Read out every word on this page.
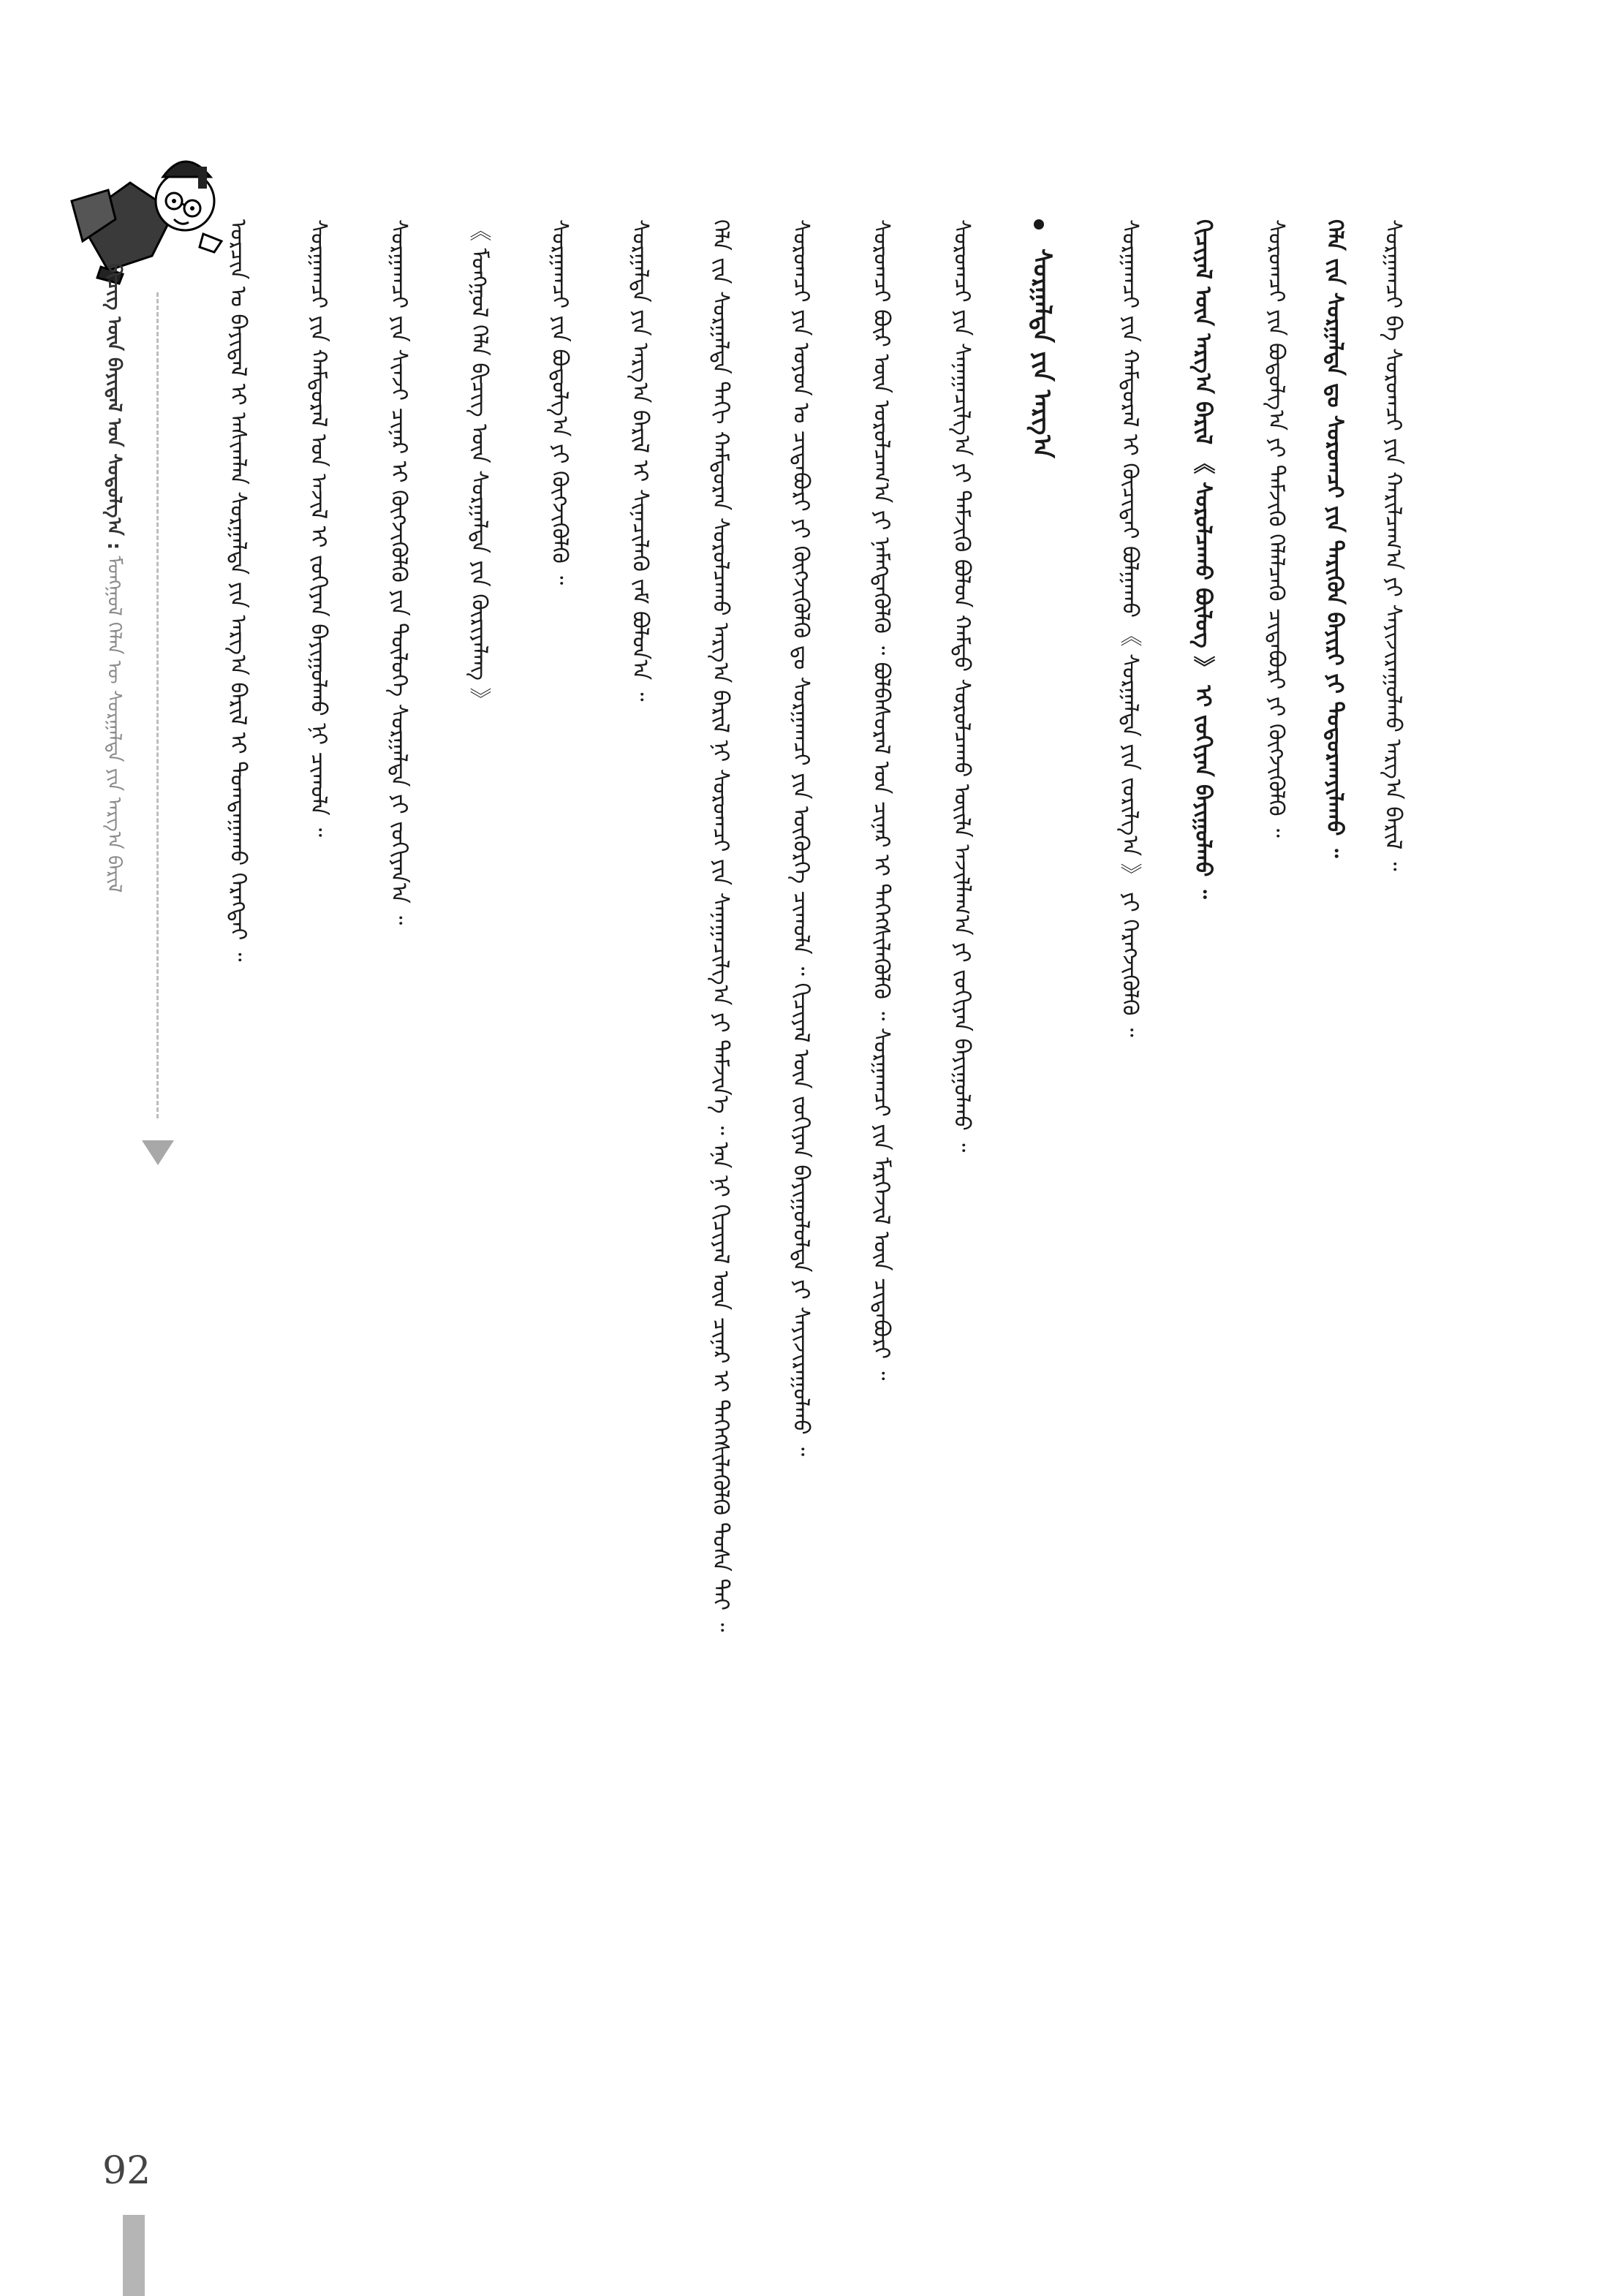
ᠪᠢᠴᠢᠭ ᠦᠨ ᠪᠠᠶᠢᠳᠠᠯ ᠤᠨ ᠰᠤᠳᠤᠯᠭ᠎ᠠ : ᠮᠣᠩᠭᠣᠯ ᠬᠡᠯᠡᠨ ᠦ ᠰᠤᠷᠭᠠᠯᠲᠠ ᠶᠢᠨ ᠠᠷᠭ᠎ᠠ ᠪᠠᠷᠢᠯ	ᠣᠷᠴᠢᠨ ᠤ ᠪᠠᠶᠢᠳᠠᠯ ᠢ ᠠᠰᠢᠭᠯᠠᠨ ᠰᠤᠷᠭᠠᠯᠲᠠ ᠶᠢᠨ ᠠᠷᠭ᠎ᠠ ᠪᠠᠷᠢᠯ ᠢ ᠲᠣᠭᠲᠠᠭᠠᠬᠤ ᠬᠡᠷᠡᠭᠲᠡᠢ ᠃	ᠰᠤᠷᠭᠠᠭᠴᠢ ᠶᠢᠨ ᠬᠠᠮᠲᠤᠷᠠᠯ ᠤᠨ ᠠᠵᠢᠯ ᠢ ᠵᠣᠬᠢᠶᠠᠨ ᠪᠠᠶᠢᠭᠤᠯᠬᠤ ᠨᠢ ᠴᠢᠬᠤᠯᠠ ᠃	ᠰᠤᠷᠭᠠᠭᠴᠢ ᠶᠢᠨ ᠰᠢᠨᠵᠢ ᠴᠢᠨᠠᠷ ᠢ ᠬᠥᠭᠵᠢᠭᠦᠯᠬᠦ ᠶᠢᠨ ᠲᠥᠯᠥᠭᠡ ᠰᠤᠷᠭᠠᠯᠲᠠ ᠶᠢ ᠵᠣᠬᠢᠶᠠᠨ᠎ᠠ ᠃	《 ᠮᠣᠩᠭᠣᠯ ᠬᠡᠯᠡ ᠪᠢᠴᠢᠭ ᠦᠨ ᠰᠤᠷᠭᠠᠯᠲᠠ ᠶᠢᠨ ᠬᠦᠷᠢᠶᠡᠯᠡᠩ 》	ᠰᠤᠷᠭᠠᠭᠴᠢ ᠶᠢᠨ ᠪᠤᠳᠤᠯᠭ᠎ᠠ ᠶᠢ ᠬᠥᠭᠵᠢᠭᠦᠯᠬᠦ ᠃	ᠰᠤᠷᠭᠠᠯᠲᠠ ᠶᠢᠨ ᠠᠷᠭ᠎ᠠ ᠪᠠᠷᠢᠯ ᠢ ᠰᠢᠨᠡᠴᠢᠯᠡᠬᠦ ᠵᠠᠮ ᠪᠣᠯᠤᠨ᠎ᠠ ᠃	ᠬᠡᠯᠡ ᠵᠢᠨ ᠰᠤᠷᠭᠠᠯᠲᠠ ᠳᠠᠬᠢ ᠬᠠᠮᠲᠤᠷᠠᠨ ᠰᠤᠷᠤᠯᠴᠠᠬᠤ ᠠᠷᠭ᠎ᠠ ᠪᠠᠷᠢᠯ ᠨᠢ ᠰᠤᠷᠤᠭᠴᠢ ᠶᠢᠨ ᠰᠠᠨᠠᠭᠠᠴᠢᠯᠭ᠎ᠠ ᠶᠢ ᠳᠡᠮᠵᠢᠨ᠎ᠡ ᠃ ᠡᠨᠡ ᠨᠢ ᠬᠢᠴᠢᠶᠡᠯ ᠦᠨ ᠴᠢᠨᠠᠷ ᠢ ᠳᠡᠭᠡᠭᠰᠢᠯᠡᠭᠦᠯᠬᠦ ᠲᠤᠰᠠ ᠲᠠᠶ ᠃	ᠰᠤᠷᠤᠭᠴᠢ ᠶᠢᠨ ᠣᠶᠤᠨ ᠤ ᠴᠢᠳᠠᠪᠤᠷᠢ ᠶᠢ ᠬᠥᠭᠵᠢᠭᠦᠯᠬᠦ ᠳᠤ ᠰᠤᠷᠭᠠᠭᠴᠢ ᠶᠢᠨ ᠦᠬᠦᠷᠭᠡ ᠴᠢᠬᠤᠯᠠ ᠃ ᠬᠢᠴᠢᠶᠡᠯ ᠦᠨ ᠵᠣᠬᠢᠶᠠᠨ ᠪᠠᠶᠢᠭᠤᠯᠤᠯᠲᠠ ᠶᠢ ᠰᠠᠶᠢᠵᠢᠷᠠᠭᠤᠯᠬᠤ ᠃	ᠰᠤᠷᠤᠭᠴᠢ ᠪᠦᠷ ᠦᠨ ᠣᠷᠤᠯᠴᠠᠭ᠎ᠠ ᠶᠢ ᠨᠡᠮᠡᠭᠳᠡᠭᠦᠯᠬᠦ ᠃ ᠪᠣᠯᠪᠠᠰᠤᠷᠠᠯ ᠤᠨ ᠴᠢᠨᠠᠷ ᠢ ᠳᠡᠭᠡᠭᠰᠢᠯᠡᠭᠦᠯᠬᠦ ᠃ ᠰᠤᠷᠭᠠᠭᠴᠢ ᠶᠢᠨ ᠮᠡᠷᠭᠡᠵᠢᠯ ᠦᠨ ᠴᠢᠳᠠᠪᠤᠷᠢ ᠃	ᠰᠤᠷᠭᠠᠯᠲᠠ ᠶᠢᠨ ᠠᠷᠭ᠎ᠠ
ᠰᠤᠷᠤᠭᠴᠢ ᠶᠢᠨ ᠰᠠᠨᠠᠭᠠᠴᠢᠯᠭ᠎ᠠ ᠶᠢ ᠳᠡᠮᠵᠢᠬᠦ ᠪᠣᠯᠤᠨ ᠬᠠᠮᠲᠤ ᠰᠤᠷᠤᠯᠴᠠᠬᠤ ᠦᠢᠯᠡ ᠠᠵᠢᠯᠯᠠᠭ᠎ᠠ ᠶᠢ ᠵᠣᠬᠢᠶᠠᠨ ᠪᠠᠶᠢᠭᠤᠯᠬᠤ ᠃	ᠰᠤᠷᠭᠠᠭᠴᠢ ᠶᠢᠨ ᠬᠠᠮᠲᠤᠷᠠᠯ ᠢ ᠬᠦᠴᠢᠲᠡᠢ ᠪᠣᠯᠭᠠᠬᠤ 《 ᠰᠤᠷᠭᠠᠯᠲᠠ ᠶᠢᠨ ᠵᠣᠷᠢᠯᠭ᠎ᠠ 》 ᠶᠢ ᠬᠡᠷᠡᠭᠵᠢᠭᠦᠯᠬᠦ ᠃ ᠬᠢᠴᠢᠶᠡᠯ ᠦᠨ ᠠᠷᠭ᠎ᠠ ᠪᠠᠷᠢᠯ 《 ᠰᠤᠷᠤᠯᠴᠠᠬᠤ ᠪᠦᠯᠦᠭ 》 ᠢ ᠵᠣᠬᠢᠶᠠᠨ ᠪᠠᠶᠢᠭᠤᠯᠬᠤ ᠃ ᠰᠤᠷᠤᠭᠴᠢ ᠶᠢᠨ ᠪᠣᠳᠣᠯᠭ᠎ᠠ ᠶᠢ ᠳᠡᠮᠵᠢᠬᠦ ᠬᠡᠯᠡᠯᠴᠡᠬᠦ ᠴᠢᠳᠠᠪᠤᠷᠢ ᠶᠢ ᠬᠥᠭᠵᠢᠭᠦᠯᠬᠦ ᠃ ᠬᠡᠯᠡ ᠵᠢᠨ ᠰᠤᠷᠭᠠᠯᠲᠠ ᠳᠤ ᠰᠤᠷᠤᠭᠴᠢ ᠶᠢᠨ ᠲᠡᠷᠢᠭᠦᠨ ᠪᠠᠶᠢᠷᠢ ᠶᠢ ᠲᠣᠳᠣᠷᠬᠠᠶᠢᠯᠠᠬᠤ ᠃ ᠰᠤᠷᠭᠠᠭᠴᠢ ᠪᠠ ᠰᠤᠷᠤᠭᠴᠢ ᠶᠢᠨ ᠬᠠᠷᠢᠯᠴᠠᠭ᠎ᠠ ᠶᠢ ᠰᠠᠶᠢᠵᠢᠷᠠᠭᠤᠯᠬᠤ ᠠᠷᠭ᠎ᠠ ᠪᠠᠷᠢᠯ ᠃
92
